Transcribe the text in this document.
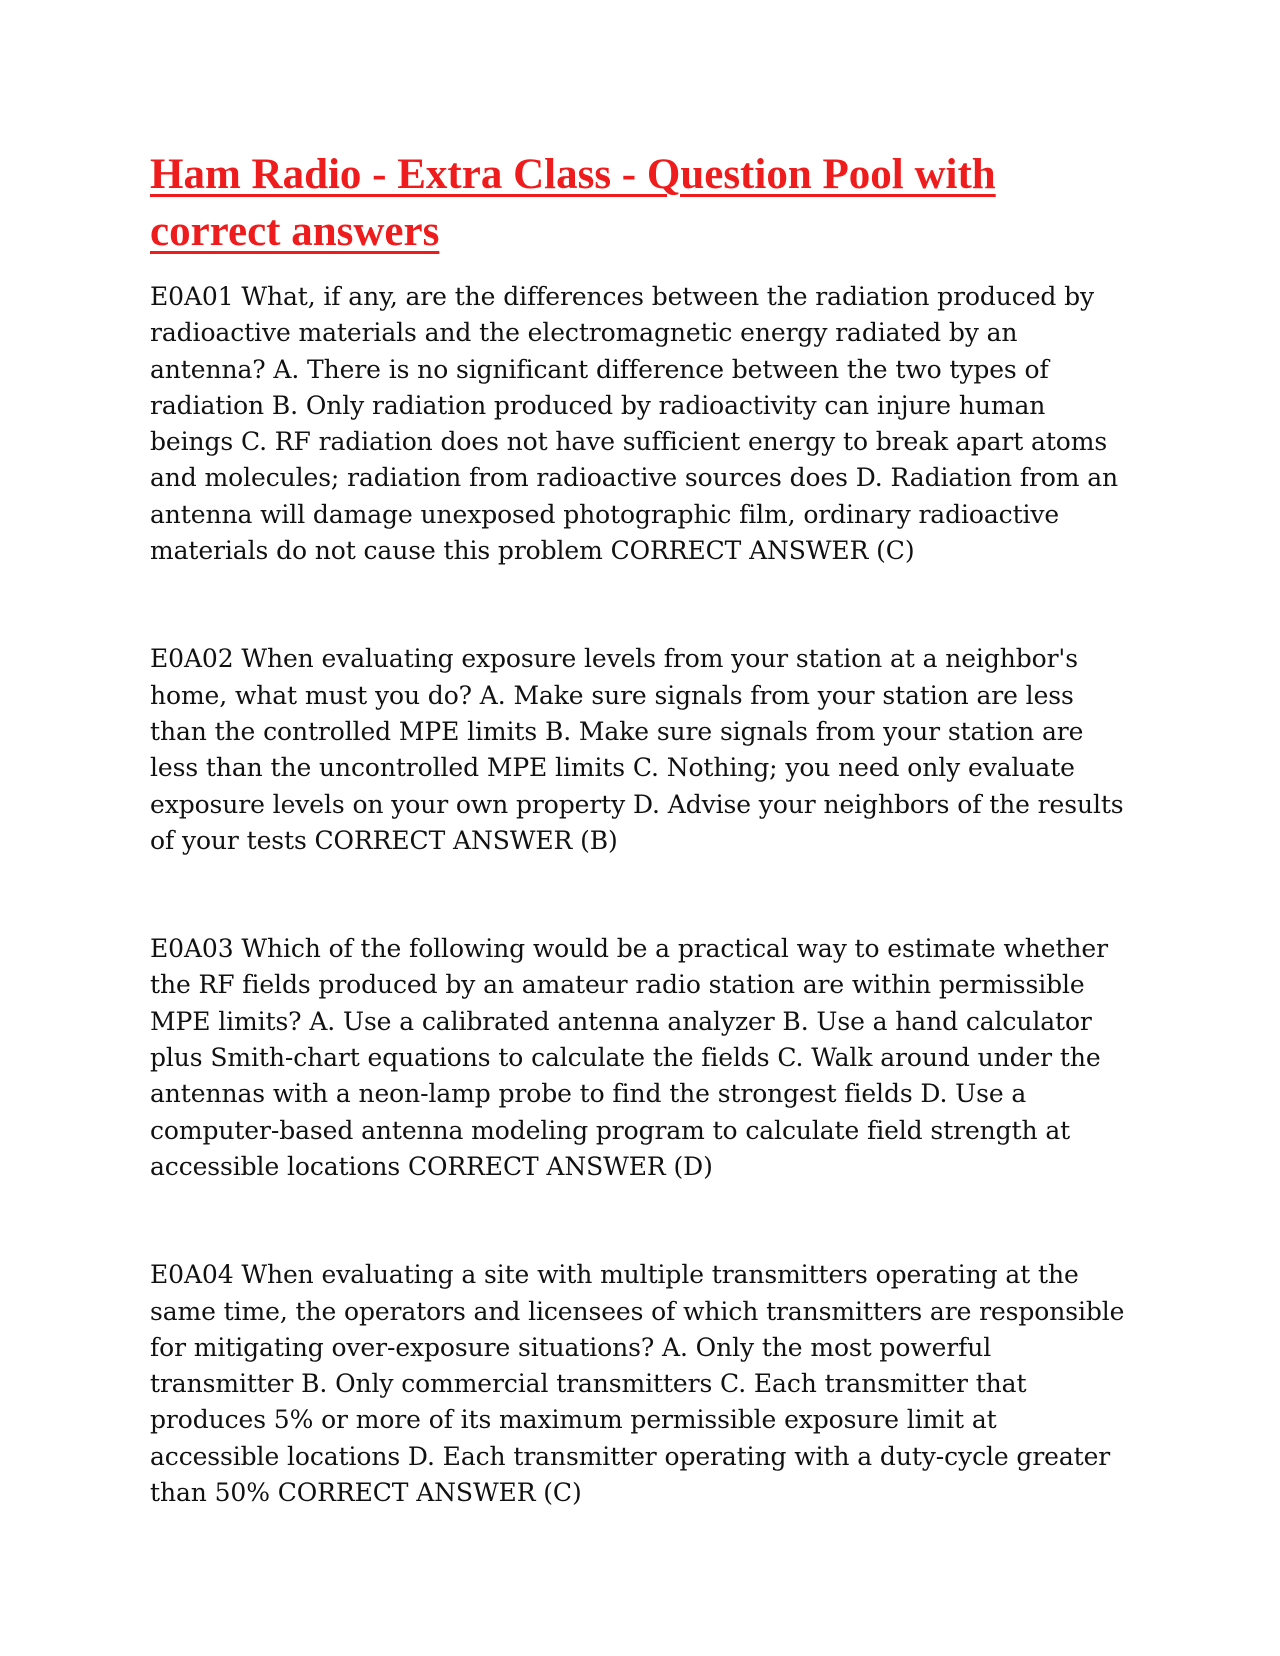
Ham Radio - Extra Class - Question Pool with correct answers

E0A01 What, if any, are the differences between the radiation produced by radioactive materials and the electromagnetic energy radiated by an antenna? A. There is no significant difference between the two types of radiation B. Only radiation produced by radioactivity can injure human beings C. RF radiation does not have sufficient energy to break apart atoms and molecules; radiation from radioactive sources does D. Radiation from an antenna will damage unexposed photographic film, ordinary radioactive materials do not cause this problem CORRECT ANSWER (C)

E0A02 When evaluating exposure levels from your station at a neighbor's home, what must you do? A. Make sure signals from your station are less than the controlled MPE limits B. Make sure signals from your station are less than the uncontrolled MPE limits C. Nothing; you need only evaluate exposure levels on your own property D. Advise your neighbors of the results of your tests CORRECT ANSWER (B)

E0A03 Which of the following would be a practical way to estimate whether the RF fields produced by an amateur radio station are within permissible MPE limits? A. Use a calibrated antenna analyzer B. Use a hand calculator plus Smith-chart equations to calculate the fields C. Walk around under the antennas with a neon-lamp probe to find the strongest fields D. Use a computer-based antenna modeling program to calculate field strength at accessible locations CORRECT ANSWER (D)

E0A04 When evaluating a site with multiple transmitters operating at the same time, the operators and licensees of which transmitters are responsible for mitigating over-exposure situations? A. Only the most powerful transmitter B. Only commercial transmitters C. Each transmitter that produces 5% or more of its maximum permissible exposure limit at accessible locations D. Each transmitter operating with a duty-cycle greater than 50% CORRECT ANSWER (C)
